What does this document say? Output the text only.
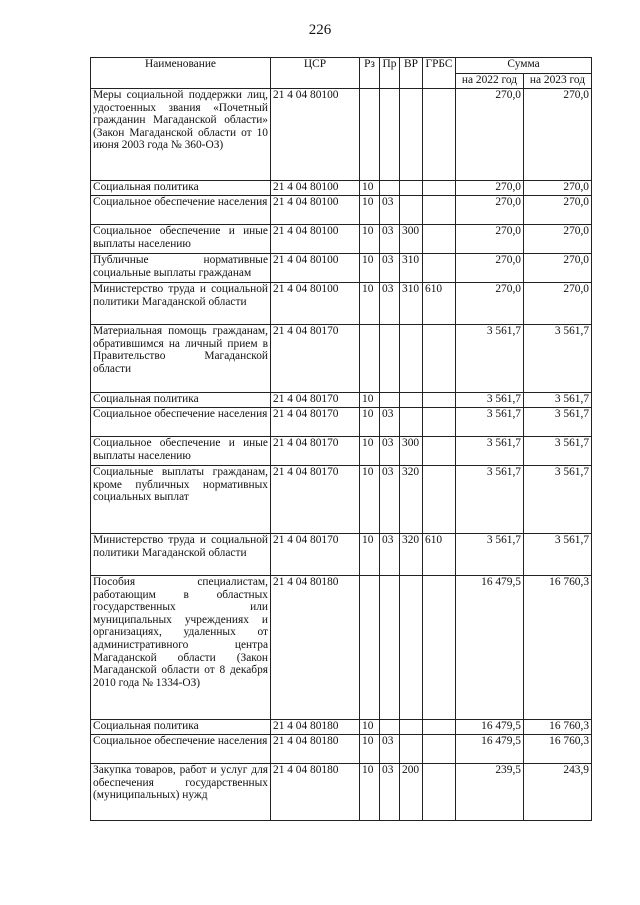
226
Наименование	ЦСР	Рз	Пр	ВР	ГРБС	Сумма	
						на 2022 год	на 2023 год
Меры социальной поддержки лиц, удостоенных звания «Почетный гражданин Магаданской области» (Закон Магаданской области от 10 июня 2003 года № 360-ОЗ)	21 4 04 80100					270,0	270,0
Социальная политика	21 4 04 80100	10				270,0	270,0
Социальное обеспечение населения	21 4 04 80100	10	03			270,0	270,0
Социальное обеспечение и иные выплаты населению	21 4 04 80100	10	03	300		270,0	270,0
Публичные нормативные социальные выплаты гражданам	21 4 04 80100	10	03	310		270,0	270,0
Министерство труда и социальной политики Магаданской области	21 4 04 80100	10	03	310	610	270,0	270,0
Материальная помощь гражданам, обратившимся на личный прием в Правительство Магаданской области	21 4 04 80170					3 561,7	3 561,7
Социальная политика	21 4 04 80170	10				3 561,7	3 561,7
Социальное обеспечение населения	21 4 04 80170	10	03			3 561,7	3 561,7
Социальное обеспечение и иные выплаты населению	21 4 04 80170	10	03	300		3 561,7	3 561,7
Социальные выплаты гражданам, кроме публичных нормативных социальных выплат	21 4 04 80170	10	03	320		3 561,7	3 561,7
Министерство труда и социальной политики Магаданской области	21 4 04 80170	10	03	320	610	3 561,7	3 561,7
Пособия специалистам, работающим в областных государственных или муниципальных учреждениях и организациях, удаленных от административного центра Магаданской области (Закон Магаданской области от 8 декабря 2010 года № 1334-ОЗ)	21 4 04 80180					16 479,5	16 760,3
Социальная политика	21 4 04 80180	10				16 479,5	16 760,3
Социальное обеспечение населения	21 4 04 80180	10	03			16 479,5	16 760,3
Закупка товаров, работ и услуг для обеспечения государственных (муниципальных) нужд	21 4 04 80180	10	03	200		239,5	243,9
